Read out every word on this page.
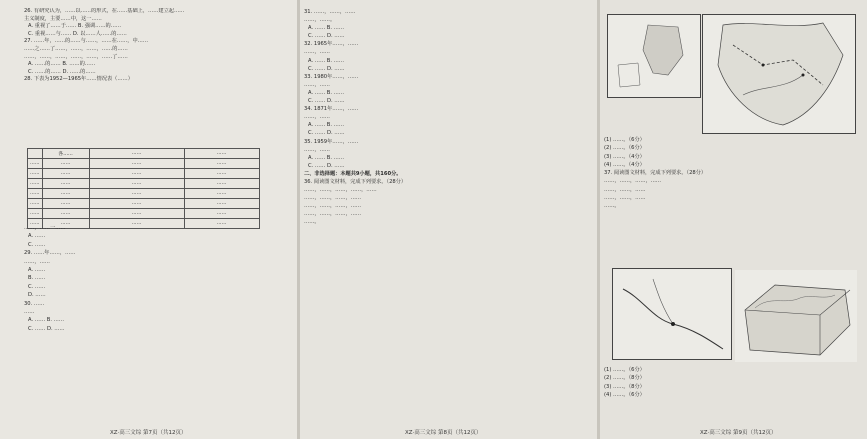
26. 有研究认为，……以……的形式，在……基础上，……建立起……

主义制度，主要……中，这一……

A. 重视了……于…… B. 强调……的……

C. 重视……与…… D. 以……人……的……

27. ……年，……的……与……，……在……，中……

……之……了……，……，……，……的……

……，……，……，……，……，……了……

A. ……的…… B. ……的……

C. ……的…… D. ……的……

28. 下表为1952—1965年……情况表（……）

	各……	……	……
……	……	……	……
……	……	……	……
……	……	……	……
……	……	……	……
……	……	……	……
……	……	……	……
……	……	……	……

……，……一……

A. ……

C. ……

29. ……年……，……

……，……

A. ……

B. ……

C. ……

D. ……

30. ……

……

A. …… B. ……

C. …… D. ……

XZ·高三文综 第7页（共12页）

31. ……，……，……

……，……。

A. …… B. ……

C. …… D. ……

32. 1965年……，……

……，……

A. …… B. ……

C. …… D. ……

33. 1980年……，……

……，……

A. …… B. ……

C. …… D. ……

34. 1871年……，……

……，……

A. …… B. ……

C. …… D. ……

35. 1959年……，……

……，……

A. …… B. ……

C. …… D. ……

二、非选择题：本题共9小题，共160分。

36. 阅读图文材料，完成下列要求。（28分）

……，……，……，……，……

……，……，……，……

……，……，……，……

……，……，……，……

……。

XZ·高三文综 第8页（共12页）

(1) ……。（6分）

(2) ……。（6分）

(3) ……。（4分）

(4) ……。（4分）

37. 阅读图文材料，完成下列要求。（28分）

……，……，……，……

……，……，……

……，……，……

……。

(1) ……。（6分）

(2) ……。（8分）

(3) ……。（8分）

(4) ……。（6分）

XZ·高三文综 第9页（共12页）
